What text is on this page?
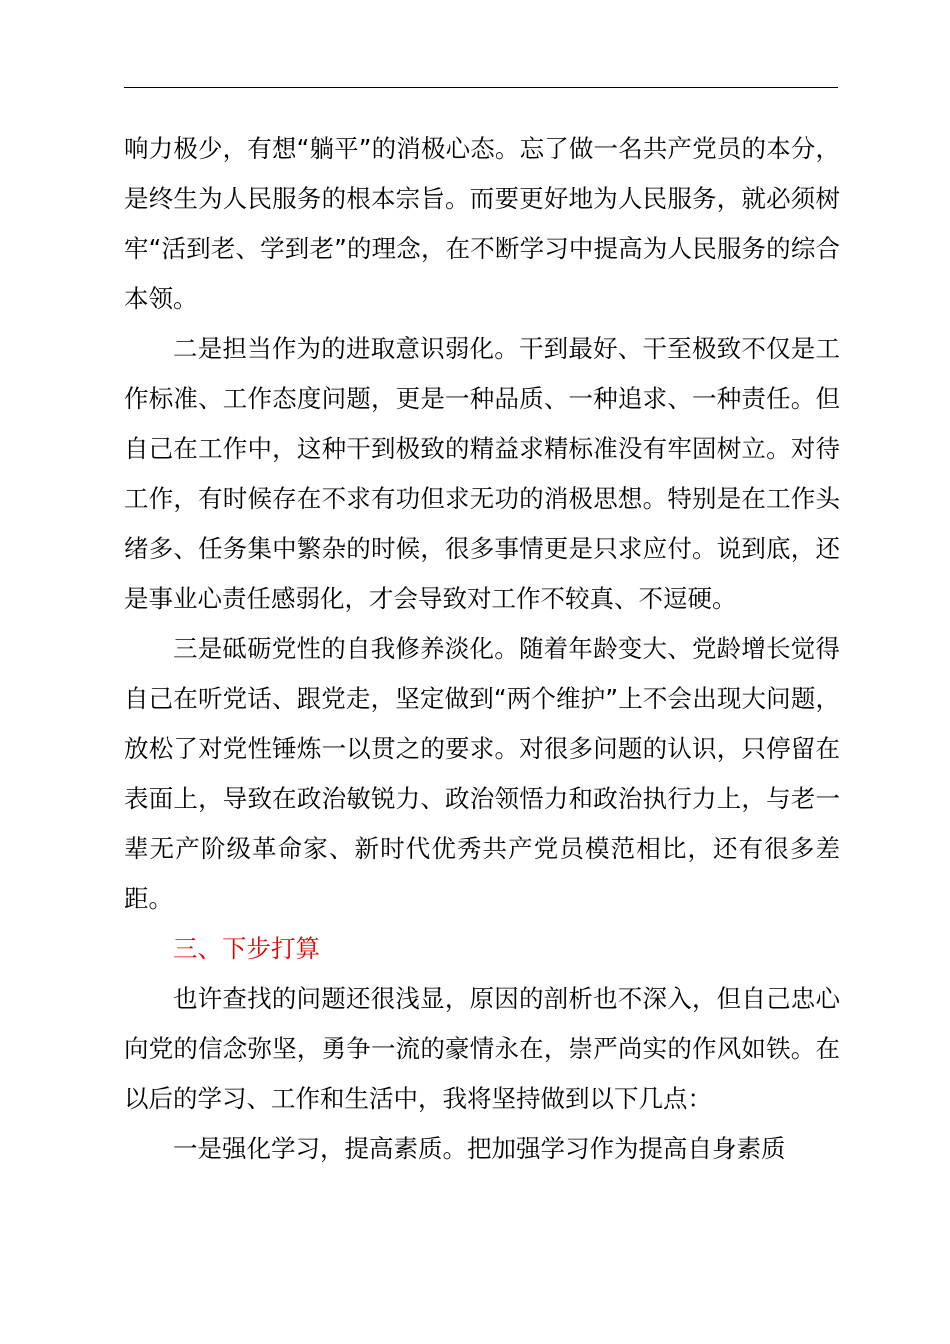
响力极少，有想“躺平”的消极心态。忘了做一名共产党员的本分，是终生为人民服务的根本宗旨。而要更好地为人民服务，就必须树牢“活到老、学到老”的理念，在不断学习中提高为人民服务的综合本领。

二是担当作为的进取意识弱化。干到最好、干至极致不仅是工作标准、工作态度问题，更是一种品质、一种追求、一种责任。但自己在工作中，这种干到极致的精益求精标准没有牢固树立。对待工作，有时候存在不求有功但求无功的消极思想。特别是在工作头绪多、任务集中繁杂的时候，很多事情更是只求应付。说到底，还是事业心责任感弱化，才会导致对工作不较真、不逗硬。

三是砥砺党性的自我修养淡化。随着年龄变大、党龄增长觉得自己在听党话、跟党走，坚定做到“两个维护”上不会出现大问题，放松了对党性锤炼一以贯之的要求。对很多问题的认识，只停留在表面上，导致在政治敏锐力、政治领悟力和政治执行力上，与老一辈无产阶级革命家、新时代优秀共产党员模范相比，还有很多差距。

三、下步打算

也许查找的问题还很浅显，原因的剖析也不深入，但自己忠心向党的信念弥坚，勇争一流的豪情永在，崇严尚实的作风如铁。在以后的学习、工作和生活中，我将坚持做到以下几点：

一是强化学习，提高素质。把加强学习作为提高自身素质
